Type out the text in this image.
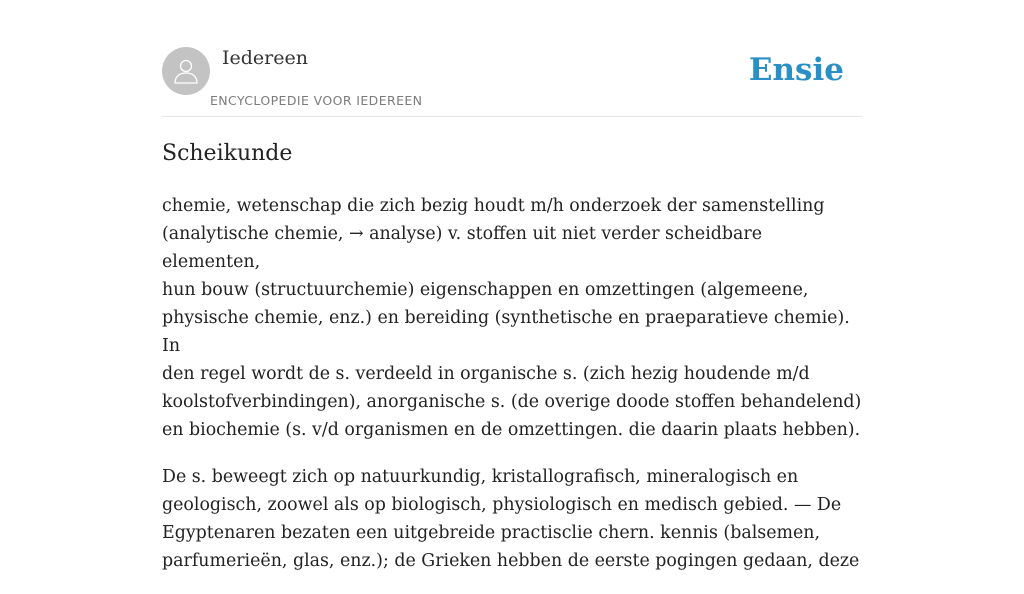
Iedereen
ENCYCLOPEDIE VOOR IEDEREEN
Ensie
Scheikunde

chemie, wetenschap die zich bezig houdt m/h onderzoek der samenstelling
(analytische chemie, → analyse) v. stoffen uit niet verder scheidbare elementen,
hun bouw (structuurchemie) eigenschappen en omzettingen (algemeene,
physische chemie, enz.) en bereiding (synthetische en praeparatieve chemie). In
den regel wordt de s. verdeeld in organische s. (zich hezig houdende m/d
koolstofverbindingen), anorganische s. (de overige doode stoffen behandelend)
en biochemie (s. v/d organismen en de omzettingen. die daarin plaats hebben).

De s. beweegt zich op natuurkundig, kristallografisch, mineralogisch en
geologisch, zoowel als op biologisch, physiologisch en medisch gebied. — De
Egyptenaren bezaten een uitgebreide practisclie chern. kennis (balsemen,
parfumerieën, glas, enz.); de Grieken hebben de eerste pogingen gedaan, deze
